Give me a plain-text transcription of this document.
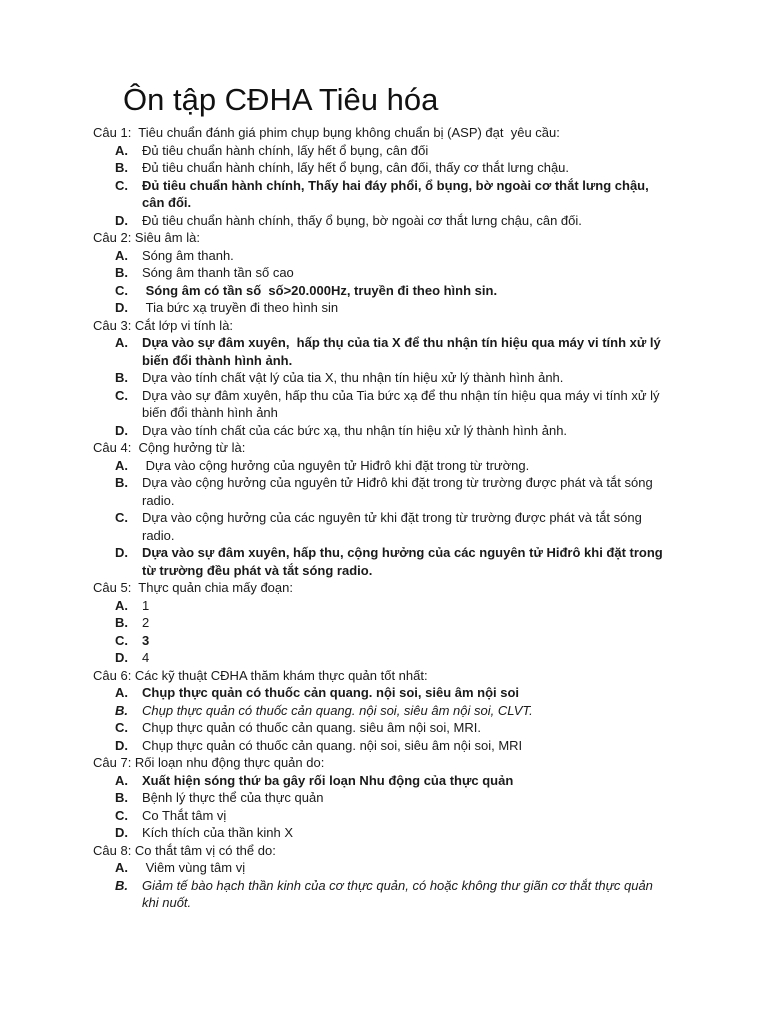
Ôn tập CĐHA Tiêu hóa
Câu 1:  Tiêu chuẩn đánh giá phim chụp bụng không chuẩn bị (ASP) đạt  yêu cầu:
A.	Đủ tiêu chuẩn hành chính, lấy hết ổ bụng, cân đối
B.	Đủ tiêu chuẩn hành chính, lấy hết ổ bụng, cân đối, thấy cơ thắt lưng chậu.
C.	Đủ tiêu chuẩn hành chính, Thấy hai đáy phổi, ổ bụng, bờ ngoài cơ thắt lưng chậu, cân đối.
D.	Đủ tiêu chuẩn hành chính, thấy ổ bụng, bờ ngoài cơ thắt lưng chậu, cân đối.
Câu 2: Siêu âm là:
A.	Sóng âm thanh.
B.	Sóng âm thanh tần số cao
C.	Sóng âm có tần số  số>20.000Hz, truyền đi theo hình sin.
D.	Tia bức xạ truyền đi theo hình sin
Câu 3: Cắt lớp vi tính là:
A.	Dựa vào sự đâm xuyên,  hấp thụ của tia X để thu nhận tín hiệu qua máy vi tính xử lý biến đổi thành hình ảnh.
B.	Dựa vào tính chất vật lý của tia X, thu nhận tín hiệu xử lý thành hình ảnh.
C.	Dựa vào sự đâm xuyên, hấp thu của Tia bức xạ để thu nhận tín hiệu qua máy vi tính xử lý biến đổi thành hình ảnh
D.	Dựa vào tính chất của các bức xạ, thu nhận tín hiệu xử lý thành hình ảnh.
Câu 4:  Cộng hưởng từ là:
A.	Dựa vào cộng hưởng của nguyên tử Hiđrô khi đặt trong từ trường.
B.	Dựa vào cộng hưởng của nguyên tử Hiđrô khi đặt trong từ trường được phát và tắt sóng radio.
C.	Dựa vào cộng hưởng của các nguyên tử khi đặt trong từ trường được phát và tắt sóng radio.
D.	Dựa vào sự đâm xuyên, hấp thu, cộng hưởng của các nguyên tử Hiđrô khi đặt trong từ trường đều phát và tắt sóng radio.
Câu 5:  Thực quản chia mấy đoạn:
A.	1
B.	2
C.	3
D.	4
Câu 6: Các kỹ thuật CĐHA thăm khám thực quản tốt nhất:
A.	Chụp thực quản có thuốc cản quang. nội soi, siêu âm nội soi
B.	Chụp thực quản có thuốc cản quang. nội soi, siêu âm nội soi, CLVT.
C.	Chụp thực quản có thuốc cản quang. siêu âm nội soi, MRI.
D.	Chụp thực quản có thuốc cản quang. nội soi, siêu âm nội soi, MRI
Câu 7: Rối loạn nhu động thực quản do:
A.	Xuất hiện sóng thứ ba gây rối loạn Nhu động của thực quản
B.	Bệnh lý thực thể của thực quản
C.	Co Thắt tâm vị
D.	Kích thích của thần kinh X
Câu 8: Co thắt tâm vị có thể do:
A.	Viêm vùng tâm vị
B.	Giảm tế bào hạch thần kinh của cơ thực quản, có hoặc không thư giãn cơ thắt thực quản khi nuốt.
